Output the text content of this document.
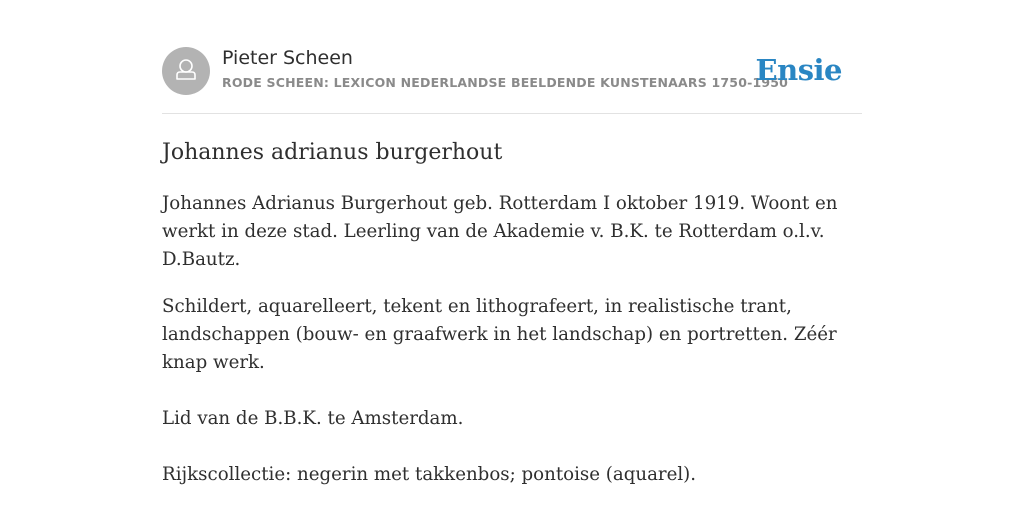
Pieter Scheen
RODE SCHEEN: LEXICON NEDERLANDSE BEELDENDE KUNSTENAARS 1750-1950
Ensie
Johannes adrianus burgerhout

Johannes Adrianus Burgerhout geb. Rotterdam I oktober 1919. Woont en werkt in deze stad. Leerling van de Akademie v. B.K. te Rotterdam o.l.v. D.Bautz.

Schildert, aquarelleert, tekent en lithografeert, in realistische trant, landschappen (bouw- en graafwerk in het landschap) en portretten. Zéér knap werk.

Lid van de B.B.K. te Amsterdam.

Rijkscollectie: negerin met takkenbos; pontoise (aquarel).
